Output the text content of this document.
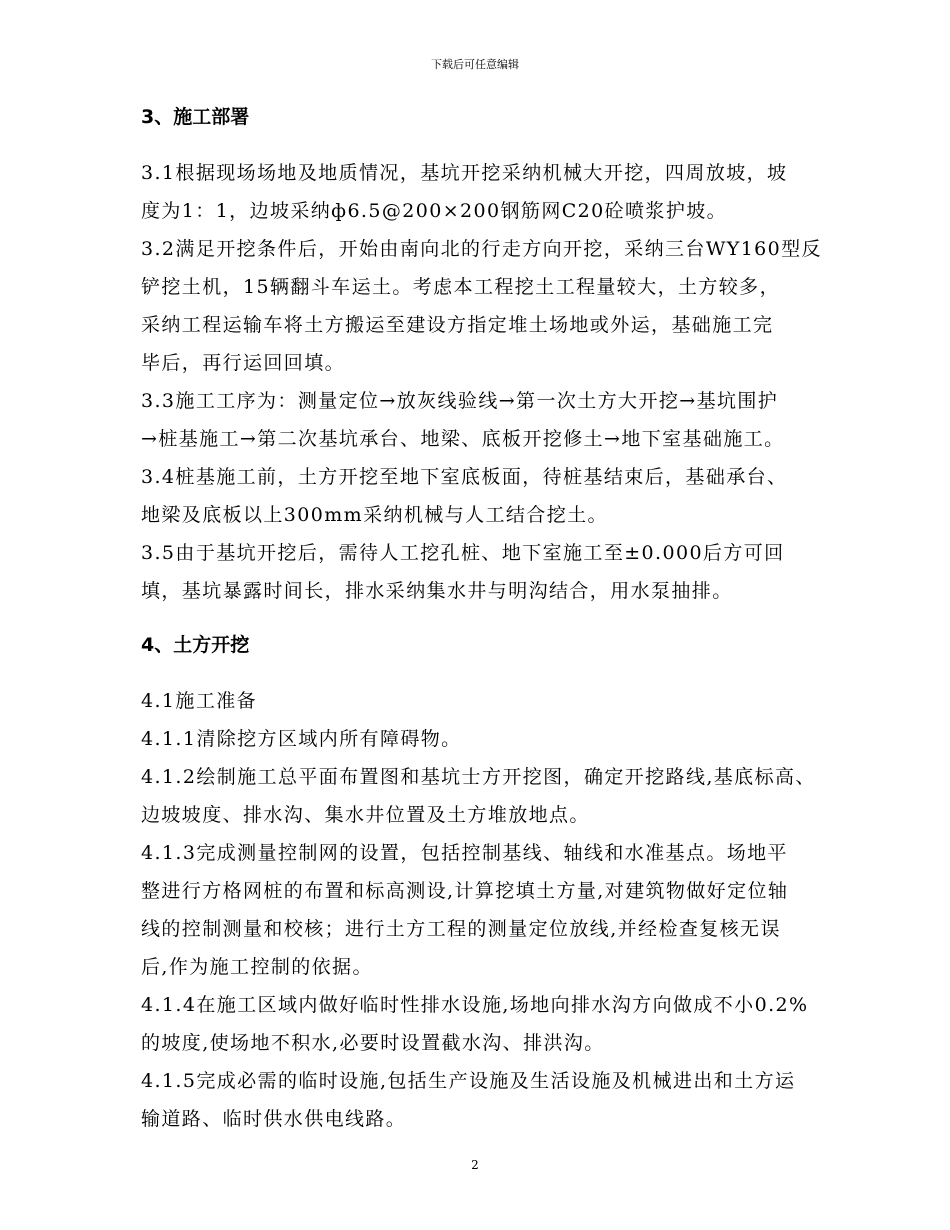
下载后可任意编辑
3、施工部署

3.1根据现场场地及地质情况，基坑开挖采纳机械大开挖，四周放坡，坡
度为1：1，边坡采纳ф6.5@200×200钢筋网C20砼喷浆护坡。

3.2满足开挖条件后，开始由南向北的行走方向开挖，采纳三台WY160型反
铲挖土机，15辆翻斗车运土。考虑本工程挖土工程量较大，土方较多，
采纳工程运输车将土方搬运至建设方指定堆土场地或外运，基础施工完
毕后，再行运回回填。

3.3施工工序为：测量定位→放灰线验线→第一次土方大开挖→基坑围护
→桩基施工→第二次基坑承台、地梁、底板开挖修土→地下室基础施工。

3.4桩基施工前，土方开挖至地下室底板面，待桩基结束后，基础承台、
地梁及底板以上300mm采纳机械与人工结合挖土。

3.5由于基坑开挖后，需待人工挖孔桩、地下室施工至±0.000后方可回
填，基坑暴露时间长，排水采纳集水井与明沟结合，用水泵抽排。

4、土方开挖

4.1施工准备

4.1.1清除挖方区域内所有障碍物。

4.1.2绘制施工总平面布置图和基坑士方开挖图，确定开挖路线,基底标高、
边坡坡度、排水沟、集水井位置及土方堆放地点。

4.1.3完成测量控制网的设置，包括控制基线、轴线和水准基点。场地平
整进行方格网桩的布置和标高测设,计算挖填土方量,对建筑物做好定位轴
线的控制测量和校核；进行土方工程的测量定位放线,并经检查复核无误
后,作为施工控制的依据。

4.1.4在施工区域内做好临时性排水设施,场地向排水沟方向做成不小0.2%
的坡度,使场地不积水,必要时设置截水沟、排洪沟。

4.1.5完成必需的临时设施,包括生产设施及生活设施及机械进出和土方运
输道路、临时供水供电线路。

2
